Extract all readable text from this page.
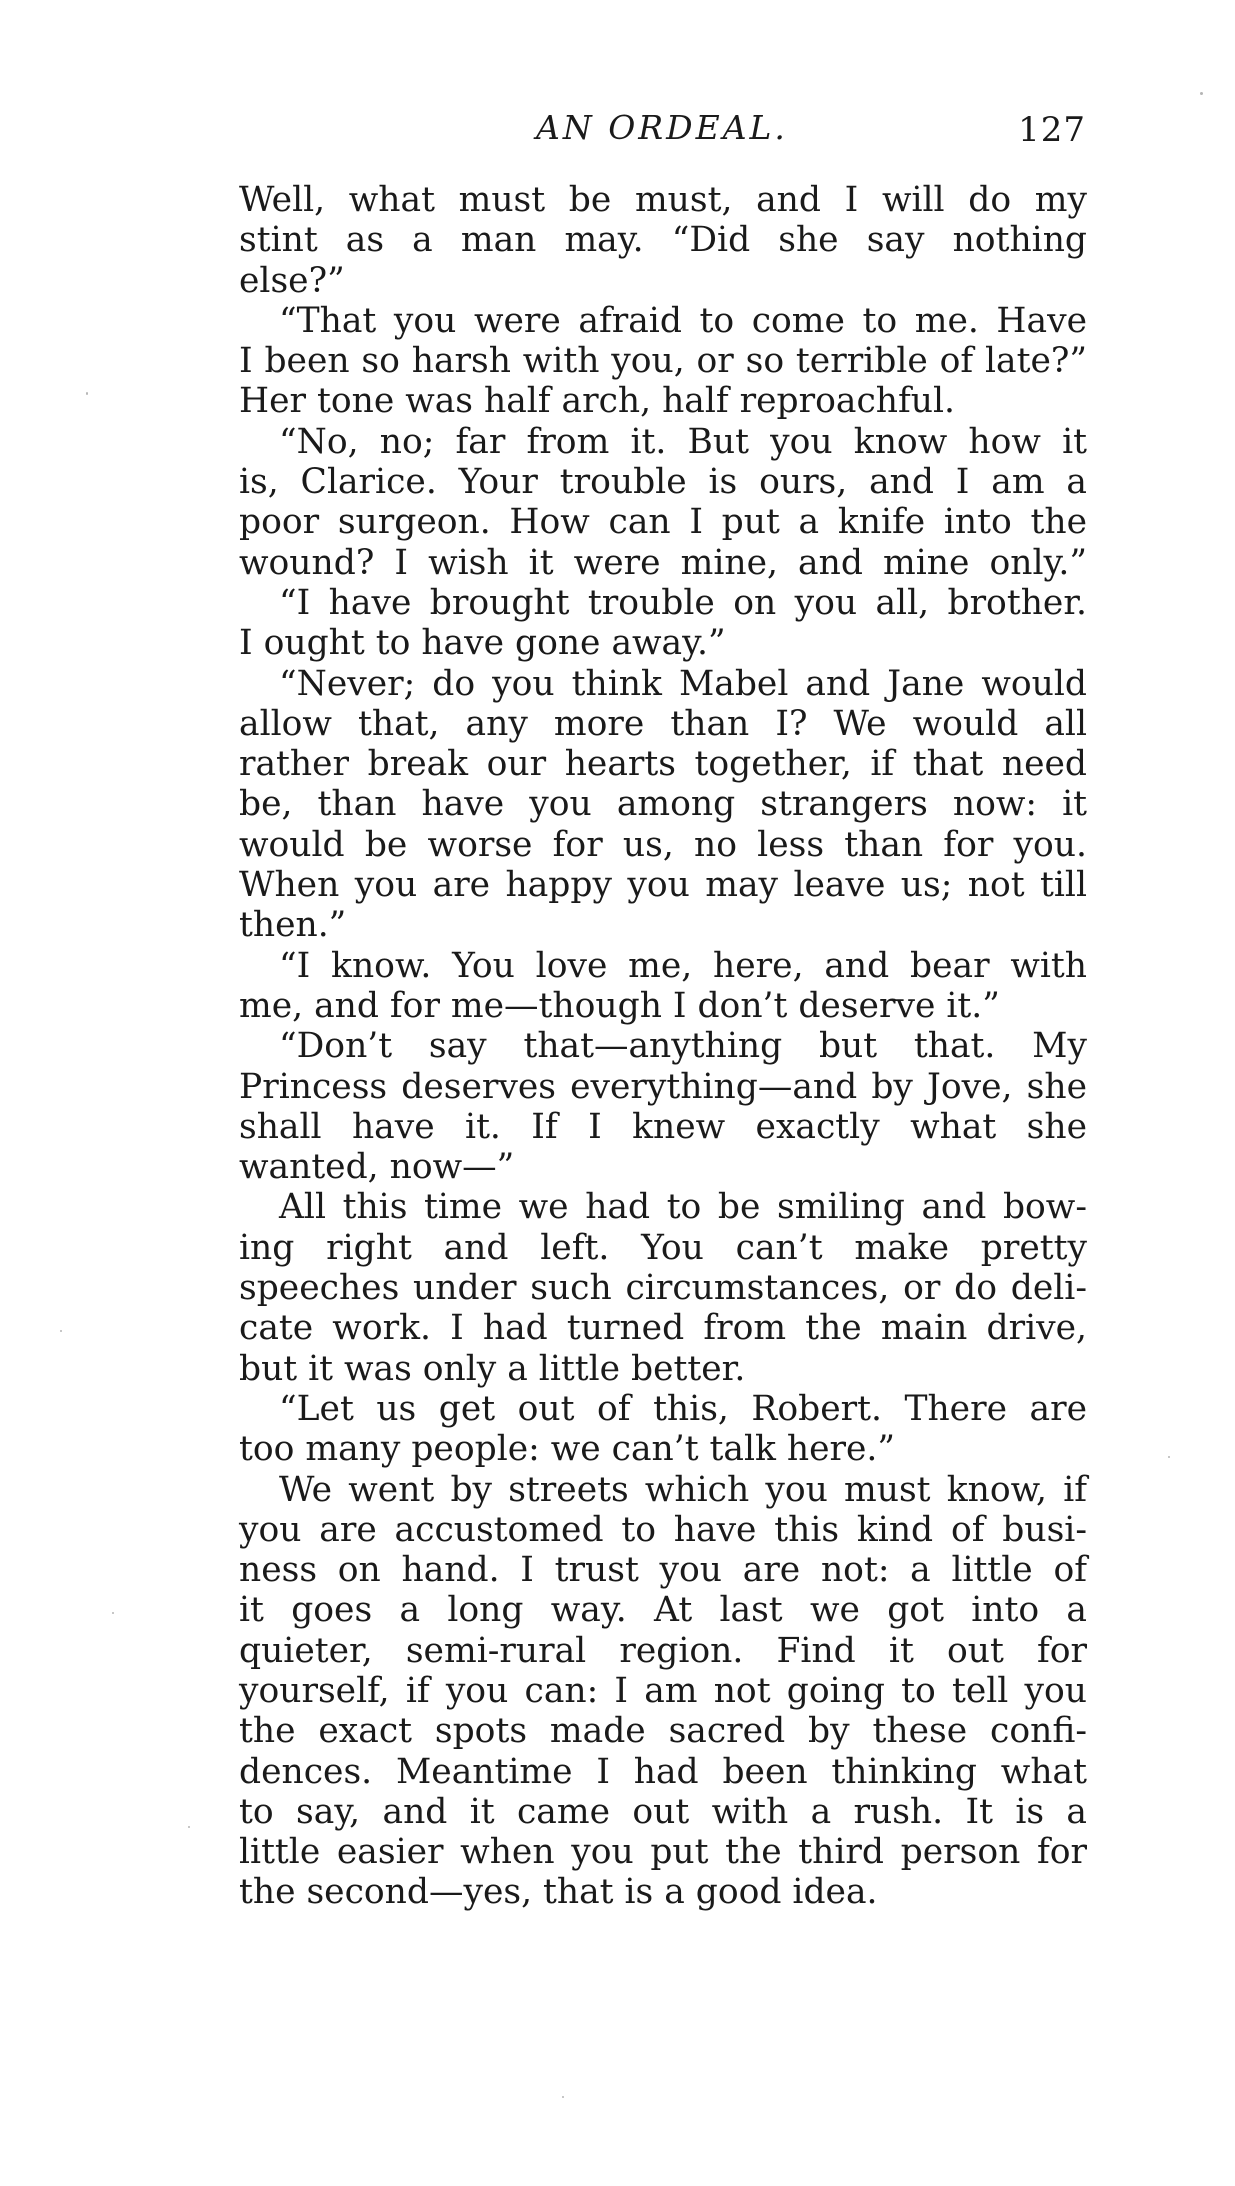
AN ORDEAL.	127
Well, what must be must, and I will do my
stint as a man may. “Did she say nothing
else?”
“That you were afraid to come to me. Have
I been so harsh with you, or so terrible of late?”
Her tone was half arch, half reproachful.
“No, no; far from it. But you know how it
is, Clarice. Your trouble is ours, and I am a
poor surgeon. How can I put a knife into the
wound? I wish it were mine, and mine only.”
“I have brought trouble on you all, brother.
I ought to have gone away.”
“Never; do you think Mabel and Jane would
allow that, any more than I? We would all
rather break our hearts together, if that need
be, than have you among strangers now: it
would be worse for us, no less than for you.
When you are happy you may leave us; not till
then.”
“I know. You love me, here, and bear with
me, and for me—though I don’t deserve it.”
“Don’t say that—anything but that. My
Princess deserves everything—and by Jove, she
shall have it. If I knew exactly what she
wanted, now—”
All this time we had to be smiling and bow-
ing right and left. You can’t make pretty
speeches under such circumstances, or do deli-
cate work. I had turned from the main drive,
but it was only a little better.
“Let us get out of this, Robert. There are
too many people: we can’t talk here.”
We went by streets which you must know, if
you are accustomed to have this kind of busi-
ness on hand. I trust you are not: a little of
it goes a long way. At last we got into a
quieter, semi-rural region. Find it out for
yourself, if you can: I am not going to tell you
the exact spots made sacred by these confi-
dences. Meantime I had been thinking what
to say, and it came out with a rush. It is a
little easier when you put the third person for
the second—yes, that is a good idea.
